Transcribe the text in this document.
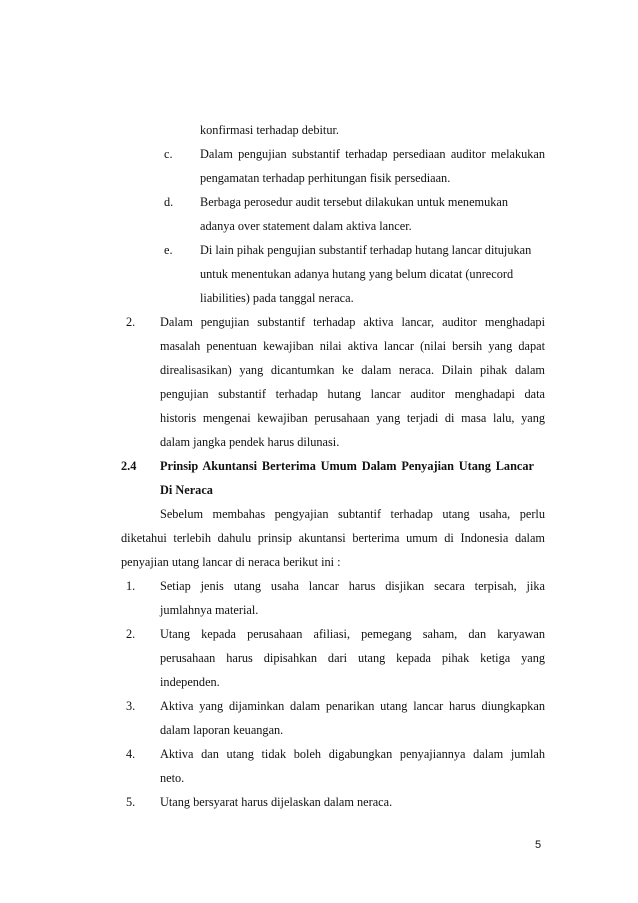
konfirmasi terhadap debitur.
c. Dalam pengujian substantif terhadap persediaan auditor melakukan
pengamatan terhadap perhitungan fisik persediaan.
d. Berbaga perosedur audit tersebut dilakukan untuk menemukan
adanya over statement dalam aktiva lancer.
e. Di lain pihak pengujian substantif terhadap hutang lancar ditujukan
untuk menentukan adanya hutang yang belum dicatat (unrecord
liabilities) pada tanggal neraca.
2. Dalam pengujian substantif terhadap aktiva lancar, auditor menghadapi
masalah penentuan kewajiban nilai aktiva lancar (nilai bersih yang dapat
direalisasikan) yang dicantumkan ke dalam neraca. Dilain pihak dalam
pengujian substantif terhadap hutang lancar auditor menghadapi data
historis mengenai kewajiban perusahaan yang terjadi di masa lalu, yang
dalam jangka pendek harus dilunasi.
2.4 Prinsip Akuntansi Berterima Umum Dalam Penyajian Utang Lancar
Di Neraca
Sebelum membahas pengyajian subtantif terhadap utang usaha, perlu
diketahui terlebih dahulu prinsip akuntansi berterima umum di Indonesia dalam
penyajian utang lancar di neraca berikut ini :
1. Setiap jenis utang usaha lancar harus disjikan secara terpisah, jika
jumlahnya material.
2. Utang kepada perusahaan afiliasi, pemegang saham, dan karyawan
perusahaan harus dipisahkan dari utang kepada pihak ketiga yang
independen.
3. Aktiva yang dijaminkan dalam penarikan utang lancar harus diungkapkan
dalam laporan keuangan.
4. Aktiva dan utang tidak boleh digabungkan penyajiannya dalam jumlah
neto.
5. Utang bersyarat harus dijelaskan dalam neraca.
5
